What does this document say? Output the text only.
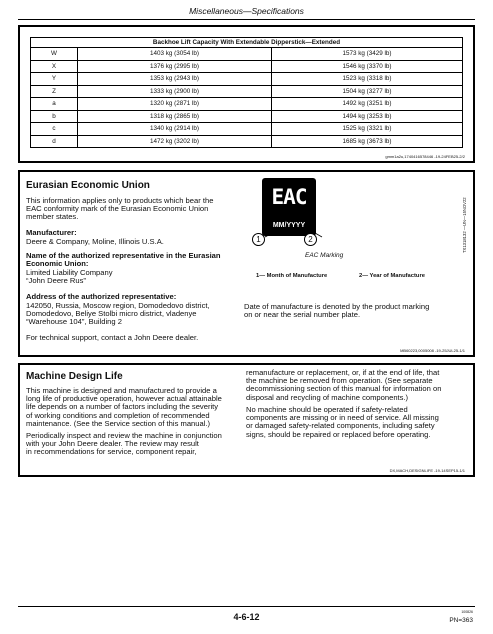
Miscellaneous—Specifications
Backhoe Lift Capacity With Extendable Dipperstick—Extended		
W	1403 kg (3054 lb)	1573 kg (3429 lb)
X	1376 kg (2995 lb)	1546 kg (3370 lb)
Y	1353 kg (2943 lb)	1523 kg (3318 lb)
Z	1333 kg (2900 lb)	1504 kg (3277 lb)
a	1320 kg (2871 lb)	1492 kg (3251 lb)
b	1318 kg (2865 lb)	1494 kg (3253 lb)
c	1340 kg (2914 lb)	1525 kg (3321 lb)
d	1472 kg (3202 lb)	1685 kg (3673 lb)
gmm1a2u,1740416578446 -19-24FEB25-2/2
Eurasian Economic Union
This information applies only to products which bear the
EAC conformity mark of the Eurasian Economic Union
member states.
Manufacturer:
Deere & Company, Moline, Illinois U.S.A.
Name of the authorized representative in the Eurasian
Economic Union:
Limited Liability Company
“John Deere Rus”
Address of the authorized representative:
142050, Russia, Moscow region, Domodedovo district,
Domodedovo, Beliye Stolbi micro district, vladenye
“Warehouse 104”, Building 2
For technical support, contact a John Deere dealer.
EAC
MM/YYYY
1	2
EAC Marking
1— Month of Manufacture	2— Year of Manufacture
Date of manufacture is denoted by the product marking
on or near the serial number plate.
TX1318132 —UN—15NOV22
MB60223,0005008 -19-25JUL25-1/1
Machine Design Life
This machine is designed and manufactured to provide a
long life of productive operation, however actual attainable
life depends on a number of factors including the severity
of working conditions and completion of recommended
maintenance. (See the Service section of this manual.)
Periodically inspect and review the machine in conjunction
with your John Deere dealer. The review may result
in recommendations for service, component repair,
remanufacture or replacement, or, if at the end of life, that
the machine be removed from operation. (See separate
decommissioning section of this manual for information on
disposal and recycling of machine components.)
No machine should be operated if safety-related
components are missing or in need of service. All missing
or damaged safety-related components, including safety
signs, should be repaired or replaced before operating.
DX,MACH,DESIGNLIFE -19-14SEP15-1/1
4-6-12	100826
PN=363
